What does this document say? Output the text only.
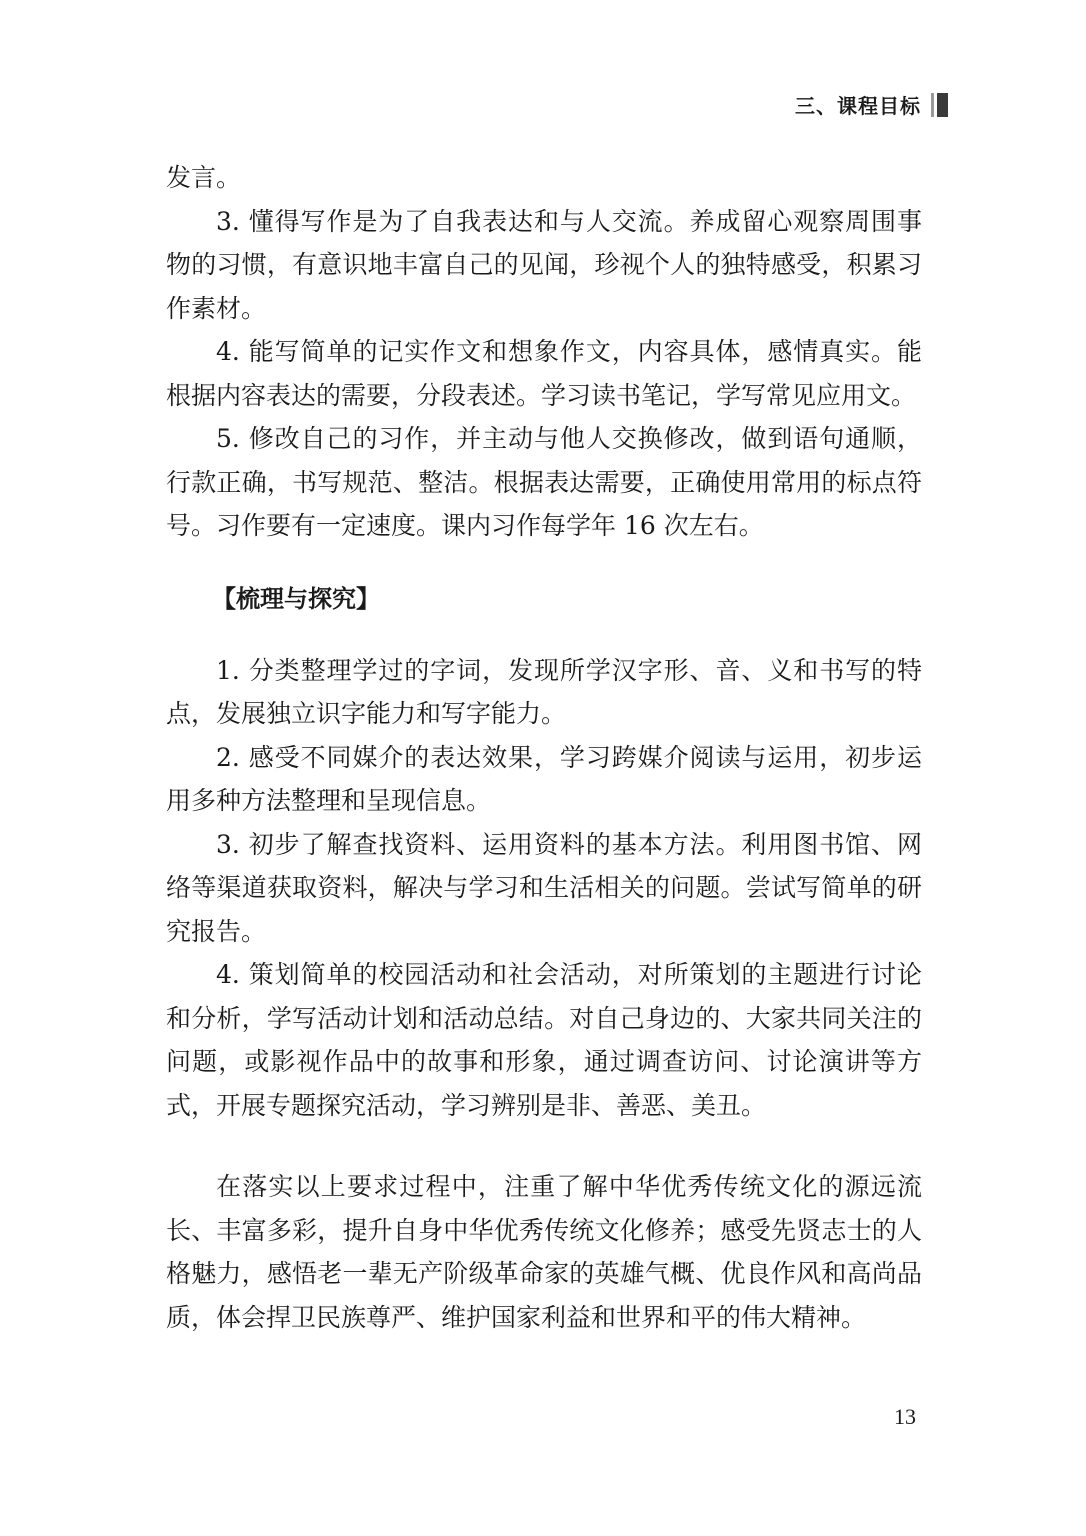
三、课程目标

发言。

3. 懂得写作是为了自我表达和与人交流。养成留心观察周围事物的习惯，有意识地丰富自己的见闻，珍视个人的独特感受，积累习作素材。

4. 能写简单的记实作文和想象作文，内容具体，感情真实。能根据内容表达的需要，分段表述。学习读书笔记，学写常见应用文。

5. 修改自己的习作，并主动与他人交换修改，做到语句通顺，行款正确，书写规范、整洁。根据表达需要，正确使用常用的标点符号。习作要有一定速度。课内习作每学年 16 次左右。

【梳理与探究】

1. 分类整理学过的字词，发现所学汉字形、音、义和书写的特点，发展独立识字能力和写字能力。

2. 感受不同媒介的表达效果，学习跨媒介阅读与运用，初步运用多种方法整理和呈现信息。

3. 初步了解查找资料、运用资料的基本方法。利用图书馆、网络等渠道获取资料，解决与学习和生活相关的问题。尝试写简单的研究报告。

4. 策划简单的校园活动和社会活动，对所策划的主题进行讨论和分析，学写活动计划和活动总结。对自己身边的、大家共同关注的问题，或影视作品中的故事和形象，通过调查访问、讨论演讲等方式，开展专题探究活动，学习辨别是非、善恶、美丑。

在落实以上要求过程中，注重了解中华优秀传统文化的源远流长、丰富多彩，提升自身中华优秀传统文化修养；感受先贤志士的人格魅力，感悟老一辈无产阶级革命家的英雄气概、优良作风和高尚品质，体会捍卫民族尊严、维护国家利益和世界和平的伟大精神。

13
